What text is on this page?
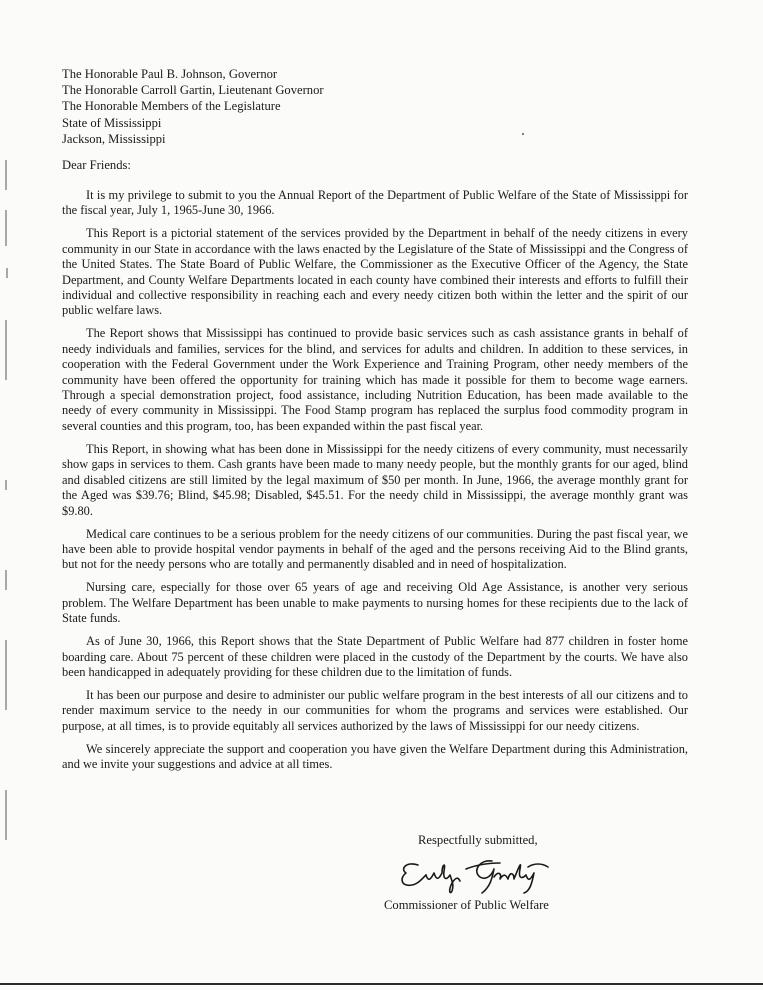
The Honorable Paul B. Johnson, Governor
The Honorable Carroll Gartin, Lieutenant Governor
The Honorable Members of the Legislature
State of Mississippi
Jackson, Mississippi
Dear Friends:

It is my privilege to submit to you the Annual Report of the Department of Public Welfare of the State of Mississippi for the fiscal year, July 1, 1965-June 30, 1966.

This Report is a pictorial statement of the services provided by the Department in behalf of the needy citizens in every community in our State in accordance with the laws enacted by the Legislature of the State of Mississippi and the Congress of the United States. The State Board of Public Welfare, the Commissioner as the Executive Officer of the Agency, the State Department, and County Welfare Departments located in each county have combined their interests and efforts to fulfill their individual and collective responsibility in reaching each and every needy citizen both within the letter and the spirit of our public welfare laws.

The Report shows that Mississippi has continued to provide basic services such as cash assistance grants in behalf of needy individuals and families, services for the blind, and services for adults and children. In addition to these services, in cooperation with the Federal Government under the Work Experience and Training Program, other needy members of the community have been offered the opportunity for training which has made it possible for them to become wage earners. Through a special demonstration project, food assistance, including Nutrition Education, has been made available to the needy of every community in Mississippi. The Food Stamp program has replaced the surplus food commodity program in several counties and this program, too, has been expanded within the past fiscal year.

This Report, in showing what has been done in Mississippi for the needy citizens of every community, must necessarily show gaps in services to them. Cash grants have been made to many needy people, but the monthly grants for our aged, blind and disabled citizens are still limited by the legal maximum of $50 per month. In June, 1966, the average monthly grant for the Aged was $39.76; Blind, $45.98; Disabled, $45.51. For the needy child in Mississippi, the average monthly grant was $9.80.

Medical care continues to be a serious problem for the needy citizens of our communities. During the past fiscal year, we have been able to provide hospital vendor payments in behalf of the aged and the persons receiving Aid to the Blind grants, but not for the needy persons who are totally and permanently disabled and in need of hospitalization.

Nursing care, especially for those over 65 years of age and receiving Old Age Assistance, is another very serious problem. The Welfare Department has been unable to make payments to nursing homes for these recipients due to the lack of State funds.

As of June 30, 1966, this Report shows that the State Department of Public Welfare had 877 children in foster home boarding care. About 75 percent of these children were placed in the custody of the Department by the courts. We have also been handicapped in adequately providing for these children due to the limitation of funds.

It has been our purpose and desire to administer our public welfare program in the best interests of all our citizens and to render maximum service to the needy in our communities for whom the programs and services were established. Our purpose, at all times, is to provide equitably all services authorized by the laws of Mississippi for our needy citizens.

We sincerely appreciate the support and cooperation you have given the Welfare Department during this Administration, and we invite your suggestions and advice at all times.

Respectfully submitted,
Commissioner of Public Welfare
